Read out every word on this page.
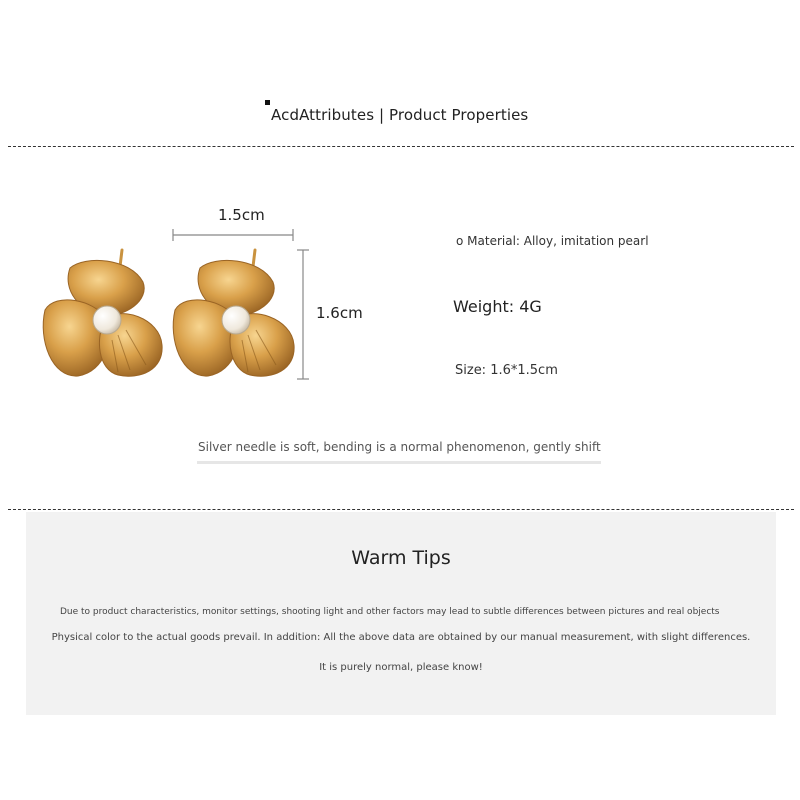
AcdAttributes | Product Properties
1.5cm
1.6cm
o Material: Alloy, imitation pearl
Weight: 4G
Size: 1.6*1.5cm
Silver needle is soft, bending is a normal phenomenon, gently shift
Warm Tips
Due to product characteristics, monitor settings, shooting light and other factors may lead to subtle differences between pictures and real objects
Physical color to the actual goods prevail. In addition: All the above data are obtained by our manual measurement, with slight differences.
It is purely normal, please know!
